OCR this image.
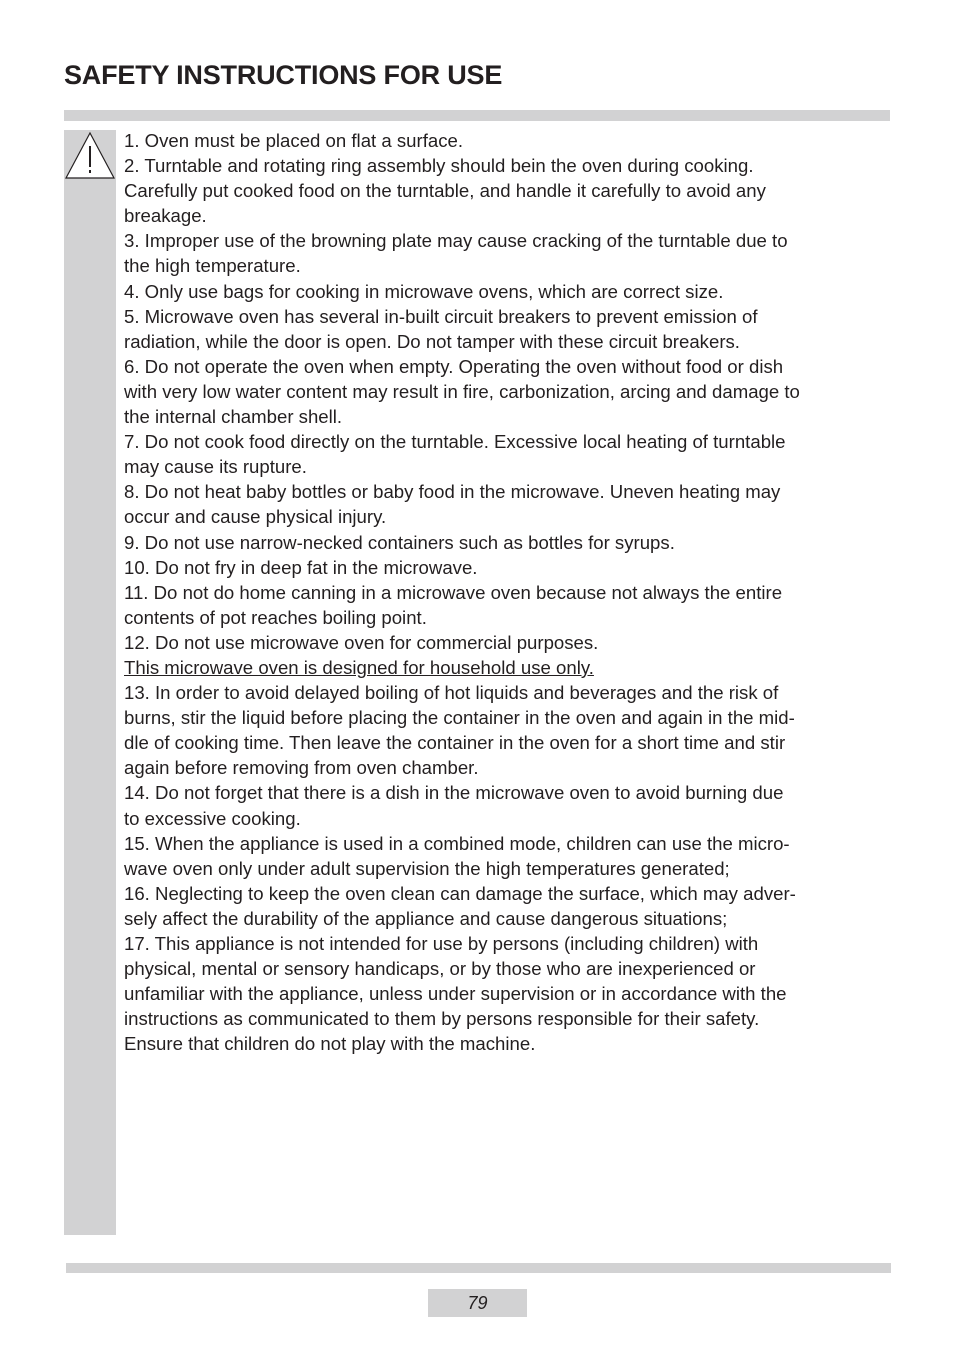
SAFETY INSTRUCTIONS FOR USE

1. Oven must be placed on flat a surface.

2. Turntable and rotating ring assembly should bein the oven during cooking.

Carefully put cooked food on the turntable, and handle it carefully to avoid any

breakage.

3. Improper use of the browning plate may cause cracking of the turntable due to

the high temperature.

4. Only use bags for cooking in microwave ovens, which are correct size.

5. Microwave oven has several in-built circuit breakers to prevent emission of

radiation, while the door is open. Do not tamper with these circuit breakers.

6. Do not operate the oven when empty. Operating the oven without food or dish

with very low water content may result in fire, carbonization, arcing and damage to

the internal chamber shell.

7. Do not cook food directly on the turntable. Excessive local heating of turntable

may cause its rupture.

8. Do not heat baby bottles or baby food in the microwave. Uneven heating may

occur and cause physical injury.

9. Do not use narrow-necked containers such as bottles for syrups.

10. Do not fry in deep fat in the microwave.

11. Do not do home canning in a microwave oven because not always the entire

contents of pot reaches boiling point.

12. Do not use microwave oven for commercial purposes.

This microwave oven is designed for household use only.

13. In order to avoid delayed boiling of hot liquids and beverages and the risk of

burns, stir the liquid before placing the container in the oven and again in the mid-

dle of cooking time. Then leave the container in the oven for a short time and stir

again before removing from oven chamber.

14. Do not forget that there is a dish in the microwave oven to avoid burning due

to excessive cooking.

15. When the appliance is used in a combined mode, children can use the micro-

wave oven only under adult supervision the high temperatures generated;

16. Neglecting to keep the oven clean can damage the surface, which may adver-

sely affect the durability of the appliance and cause dangerous situations;

17. This appliance is not intended for use by persons (including children) with

physical, mental or sensory handicaps, or by those who are inexperienced or

unfamiliar with the appliance, unless under supervision or in accordance with the

instructions as communicated to them by persons responsible for their safety.

Ensure that children do not play with the machine.

79
